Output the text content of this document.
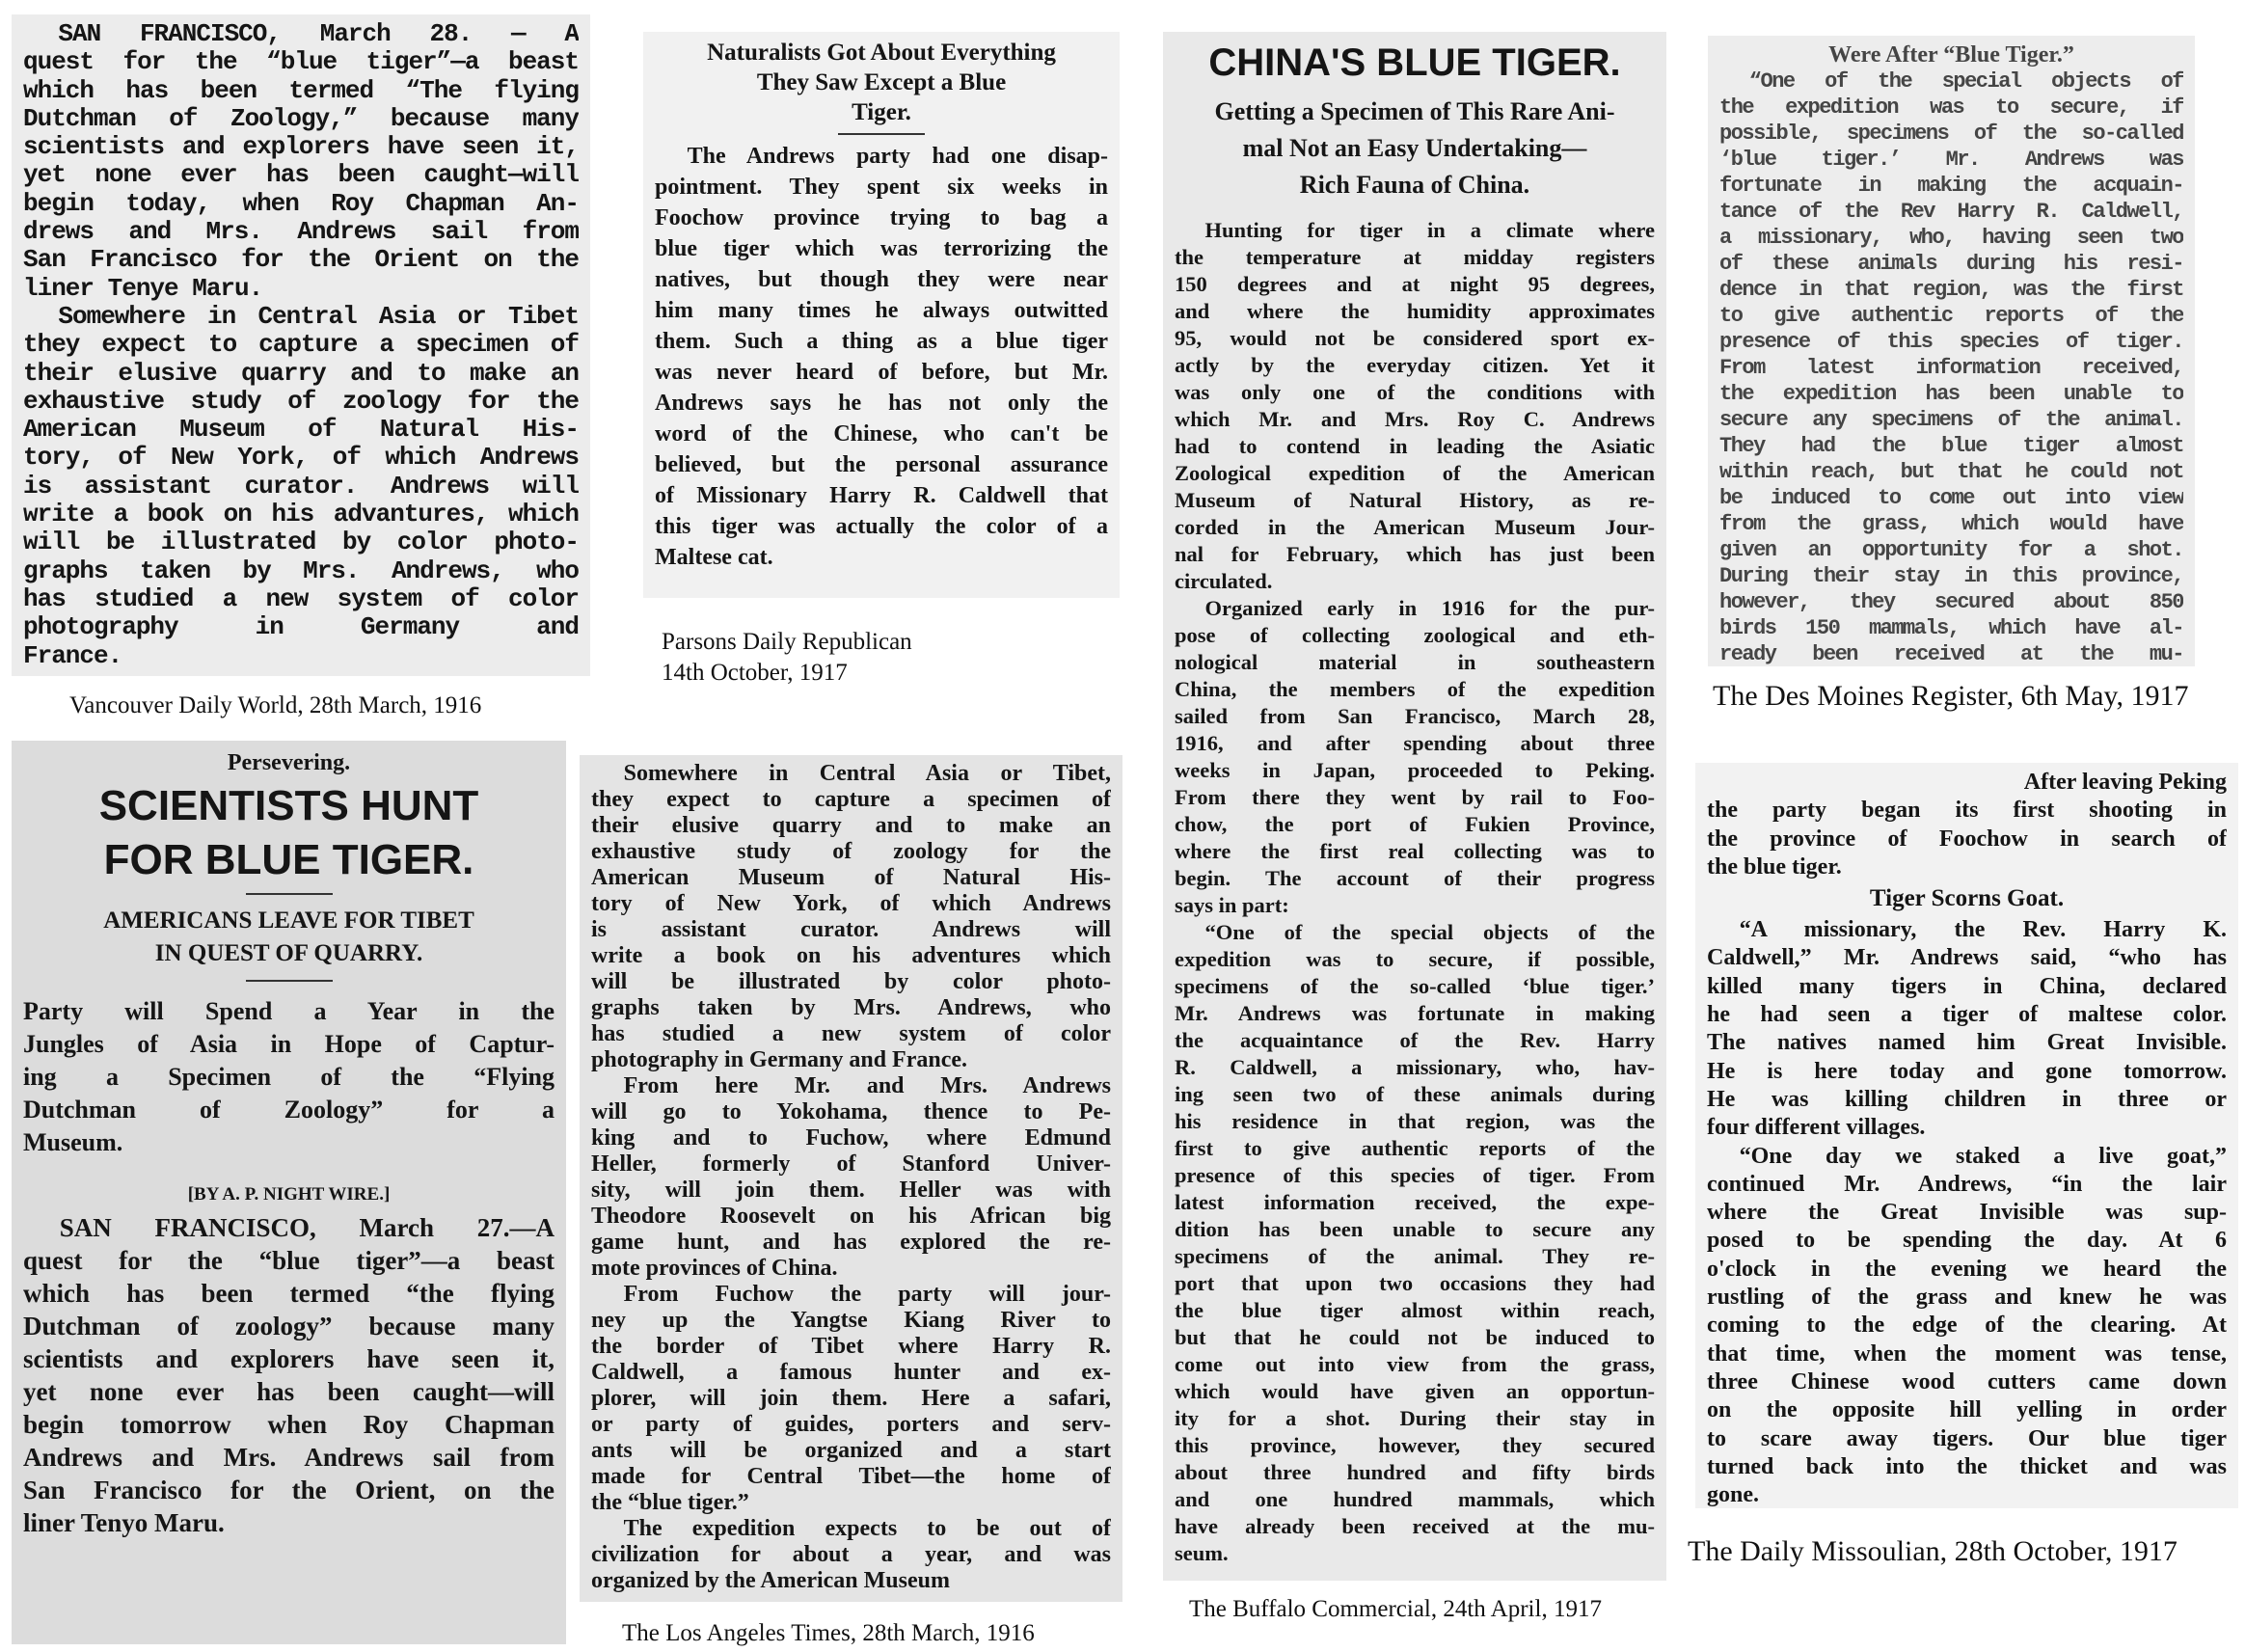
SAN FRANCISCO, March 28. — A
quest for the “blue tiger”—a beast
which has been termed “The flying
Dutchman of Zoology,” because many
scientists and explorers have seen it,
yet none ever has been caught—will
begin today, when Roy Chapman An-
drews and Mrs. Andrews sail from
San Francisco for the Orient on the
liner Tenye Maru.
Somewhere in Central Asia or Tibet
they expect to capture a specimen of
their elusive quarry and to make an
exhaustive study of zoology for the
American Museum of Natural His-
tory, of New York, of which Andrews
is assistant curator. Andrews will
write a book on his advantures, which
will be illustrated by color photo-
graphs taken by Mrs. Andrews, who
has studied a new system of color
photography in Germany and
France.
Naturalists Got About Everything
They Saw Except a Blue
Tiger.
The Andrews party had one disap-
pointment. They spent six weeks in
Foochow province trying to bag a
blue tiger which was terrorizing the
natives, but though they were near
him many times he always outwitted
them. Such a thing as a blue tiger
was never heard of before, but Mr.
Andrews says he has not only the
word of the Chinese, who can't be
believed, but the personal assurance
of Missionary Harry R. Caldwell that
this tiger was actually the color of a
Maltese cat.
CHINA'S BLUE TIGER.
Getting a Specimen of This Rare Ani-
mal Not an Easy Undertaking—
Rich Fauna of China.
Hunting for tiger in a climate where
the temperature at midday registers
150 degrees and at night 95 degrees,
and where the humidity approximates
95, would not be considered sport ex-
actly by the everyday citizen. Yet it
was only one of the conditions with
which Mr. and Mrs. Roy C. Andrews
had to contend in leading the Asiatic
Zoological expedition of the American
Museum of Natural History, as re-
corded in the American Museum Jour-
nal for February, which has just been
circulated.
Organized early in 1916 for the pur-
pose of collecting zoological and eth-
nological material in southeastern
China, the members of the expedition
sailed from San Francisco, March 28,
1916, and after spending about three
weeks in Japan, proceeded to Peking.
From there they went by rail to Foo-
chow, the port of Fukien Province,
where the first real collecting was to
begin. The account of their progress
says in part:
“One of the special objects of the
expedition was to secure, if possible,
specimens of the so-called ‘blue tiger.’
Mr. Andrews was fortunate in making
the acquaintance of the Rev. Harry
R. Caldwell, a missionary, who, hav-
ing seen two of these animals during
his residence in that region, was the
first to give authentic reports of the
presence of this species of tiger. From
latest information received, the expe-
dition has been unable to secure any
specimens of the animal. They re-
port that upon two occasions they had
the blue tiger almost within reach,
but that he could not be induced to
come out into view from the grass,
which would have given an opportun-
ity for a shot. During their stay in
this province, however, they secured
about three hundred and fifty birds
and one hundred mammals, which
have already been received at the mu-
seum.
Were After “Blue Tiger.”
“One of the special objects of
the expedition was to secure, if
possible, specimens of the so-called
‘blue tiger.’ Mr. Andrews was
fortunate in making the acquain-
tance of the Rev Harry R. Caldwell,
a missionary, who, having seen two
of these animals during his resi-
dence in that region, was the first
to give authentic reports of the
presence of this species of tiger.
From latest information received,
the expedition has been unable to
secure any specimens of the animal.
They had the blue tiger almost
within reach, but that he could not
be induced to come out into view
from the grass, which would have
given an opportunity for a shot.
During their stay in this province,
however, they secured about 850
birds 150 mammals, which have al-
ready been received at the mu-
Persevering.
SCIENTISTS HUNT
FOR BLUE TIGER.
AMERICANS LEAVE FOR TIBET
IN QUEST OF QUARRY.
Party will Spend a Year in the
Jungles of Asia in Hope of Captur-
ing a Specimen of the “Flying
Dutchman of Zoology” for a
Museum.
[BY A. P. NIGHT WIRE.]
SAN FRANCISCO, March 27.—A
quest for the “blue tiger”—a beast
which has been termed “the flying
Dutchman of zoology” because many
scientists and explorers have seen it,
yet none ever has been caught—will
begin tomorrow when Roy Chapman
Andrews and Mrs. Andrews sail from
San Francisco for the Orient, on the
liner Tenyo Maru.
Somewhere in Central Asia or Tibet,
they expect to capture a specimen of
their elusive quarry and to make an
exhaustive study of zoology for the
American Museum of Natural His-
tory of New York, of which Andrews
is assistant curator. Andrews will
write a book on his adventures which
will be illustrated by color photo-
graphs taken by Mrs. Andrews, who
has studied a new system of color
photography in Germany and France.
From here Mr. and Mrs. Andrews
will go to Yokohama, thence to Pe-
king and to Fuchow, where Edmund
Heller, formerly of Stanford Univer-
sity, will join them. Heller was with
Theodore Roosevelt on his African big
game hunt, and has explored the re-
mote provinces of China.
From Fuchow the party will jour-
ney up the Yangtse Kiang River to
the border of Tibet where Harry R.
Caldwell, a famous hunter and ex-
plorer, will join them. Here a safari,
or party of guides, porters and serv-
ants will be organized and a start
made for Central Tibet—the home of
the “blue tiger.”
The expedition expects to be out of
civilization for about a year, and was
organized by the American Museum
After leaving Peking
the party began its first shooting in
the province of Foochow in search of
the blue tiger.
Tiger Scorns Goat.
“A missionary, the Rev. Harry K.
Caldwell,” Mr. Andrews said, “who has
killed many tigers in China, declared
he had seen a tiger of maltese color.
The natives named him Great Invisible.
He is here today and gone tomorrow.
He was killing children in three or
four different villages.
“One day we staked a live goat,”
continued Mr. Andrews, “in the lair
where the Great Invisible was sup-
posed to be spending the day. At 6
o'clock in the evening we heard the
rustling of the grass and knew he was
coming to the edge of the clearing. At
that time, when the moment was tense,
three Chinese wood cutters came down
on the opposite hill yelling in order
to scare away tigers. Our blue tiger
turned back into the thicket and was
gone.
Vancouver Daily World, 28th March, 1916
Parsons Daily Republican
14th October, 1917
The Buffalo Commercial, 24th April, 1917
The Des Moines Register, 6th May, 1917
The Los Angeles Times, 28th March, 1916
The Daily Missoulian, 28th October, 1917
